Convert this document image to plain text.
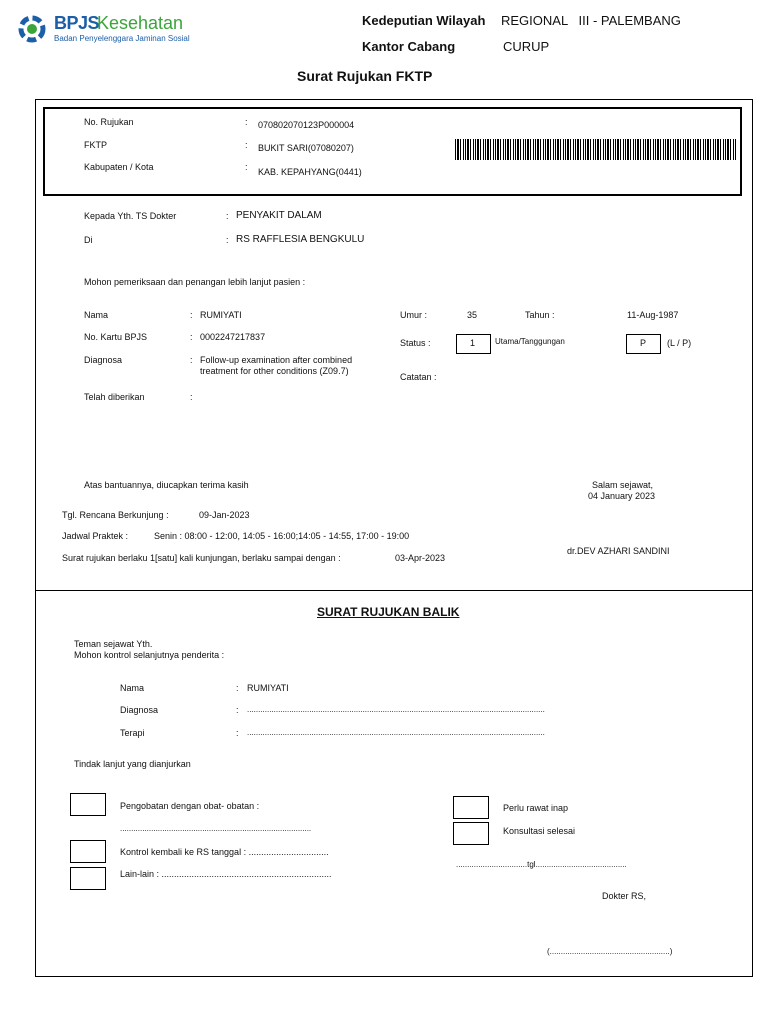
BPJS
Kesehatan
Badan Penyelenggara Jaminan Sosial
Kedeputian Wilayah REGIONAL   III - PALEMBANG
Kantor Cabang	CURUP
Surat Rujukan FKTP
No. Rujukan	: 070802070123P000004
FKTP	: BUKIT SARI(07080207)
Kabupaten / Kota	: KAB. KEPAHYANG(0441)
Kepada Yth. TS Dokter	: PENYAKIT DALAM
Di	: RS RAFFLESIA BENGKULU
Mohon pemeriksaan dan penangan lebih lanjut pasien :
Nama	: RUMIYATI
No. Kartu BPJS	: 0002247217837
Diagnosa	: Follow-up examination after combined
treatment for other conditions (Z09.7)
Telah diberikan	:
Umur :	35	Tahun :	11-Aug-1987
Status :	1 Utama/Tanggungan	P (L / P)
Catatan :
Atas bantuannya, diucapkan terima kasih	Salam sejawat,
04 January 2023
Tgl. Rencana Berkunjung :	09-Jan-2023
Jadwal Praktek :	Senin : 08:00 - 12:00, 14:05 - 16:00;14:05 - 14:55, 17:00 - 19:00
Surat rujukan berlaku 1[satu] kali kunjungan, berlaku sampai dengan :	03-Apr-2023
dr.DEV AZHARI SANDINI
SURAT RUJUKAN BALIK
Teman sejawat Yth.
Mohon kontrol selanjutnya penderita :
Nama	: RUMIYATI
Diagnosa	: ......................................................................................................................................
Terapi	: ......................................................................................................................................
Tindak lanjut yang dianjurkan
Pengobatan dengan obat- obatan :
......................................................................................
Kontrol kembali ke RS tanggal : ................................
Lain-lain : ....................................................................
Perlu rawat inap
Konsultasi selesai
................................tgl.........................................
Dokter RS,
(......................................................)
